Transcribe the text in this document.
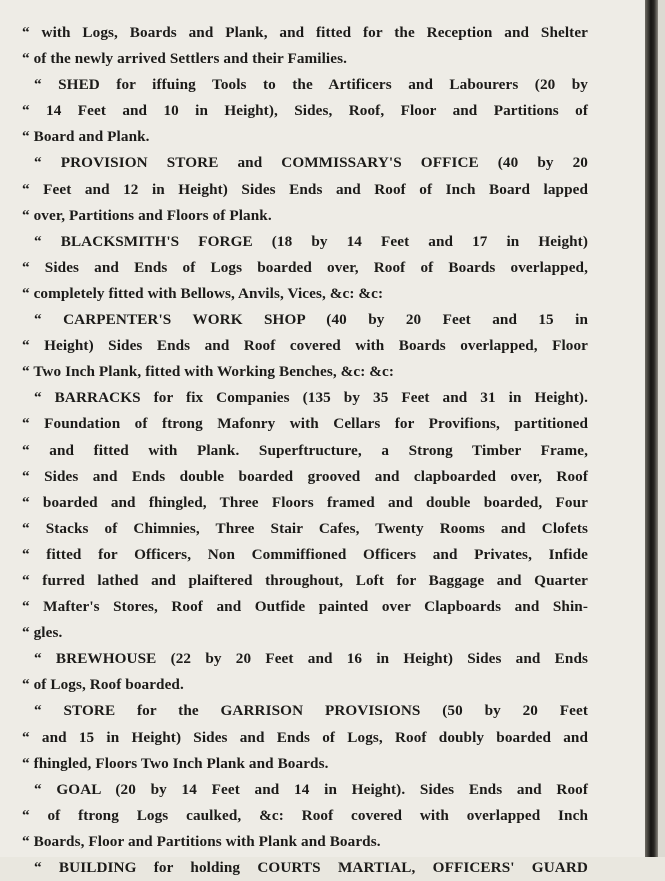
“ with Logs, Boards and Plank, and fitted for the Reception and Shelter
“ of the newly arrived Settlers and their Families.
“ SHED for iffuing Tools to the Artificers and Labourers (20 by
“ 14 Feet and 10 in Height), Sides, Roof, Floor and Partitions of
“ Board and Plank.
“ PROVISION STORE and COMMISSARY'S OFFICE (40 by 20
“ Feet and 12 in Height) Sides Ends and Roof of Inch Board lapped
“ over, Partitions and Floors of Plank.
“ BLACKSMITH'S FORGE (18 by 14 Feet and 17 in Height)
“ Sides and Ends of Logs boarded over, Roof of Boards overlapped,
“ completely fitted with Bellows, Anvils, Vices, &c: &c:
“ CARPENTER'S WORK SHOP (40 by 20 Feet and 15 in
“ Height) Sides Ends and Roof covered with Boards overlapped, Floor
“ Two Inch Plank, fitted with Working Benches, &c: &c:
“ BARRACKS for fix Companies (135 by 35 Feet and 31 in Height).
“ Foundation of ftrong Mafonry with Cellars for Provifions, partitioned
“ and fitted with Plank. Superftructure, a Strong Timber Frame,
“ Sides and Ends double boarded grooved and clapboarded over, Roof
“ boarded and fhingled, Three Floors framed and double boarded, Four
“ Stacks of Chimnies, Three Stair Cafes, Twenty Rooms and Clofets
“ fitted for Officers, Non Commiffioned Officers and Privates, Infide
“ furred lathed and plaiftered throughout, Loft for Baggage and Quarter
“ Mafter's Stores, Roof and Outfide painted over Clapboards and Shin-
“ gles.
“ BREWHOUSE (22 by 20 Feet and 16 in Height) Sides and Ends
“ of Logs, Roof boarded.
“ STORE for the GARRISON PROVISIONS (50 by 20 Feet
“ and 15 in Height) Sides and Ends of Logs, Roof doubly boarded and
“ fhingled, Floors Two Inch Plank and Boards.
“ GOAL (20 by 14 Feet and 14 in Height). Sides Ends and Roof
“ of ftrong Logs caulked, &c: Roof covered with overlapped Inch
“ Boards, Floor and Partitions with Plank and Boards.
“ BUILDING for holding COURTS MARTIAL, OFFICERS' GUARD
